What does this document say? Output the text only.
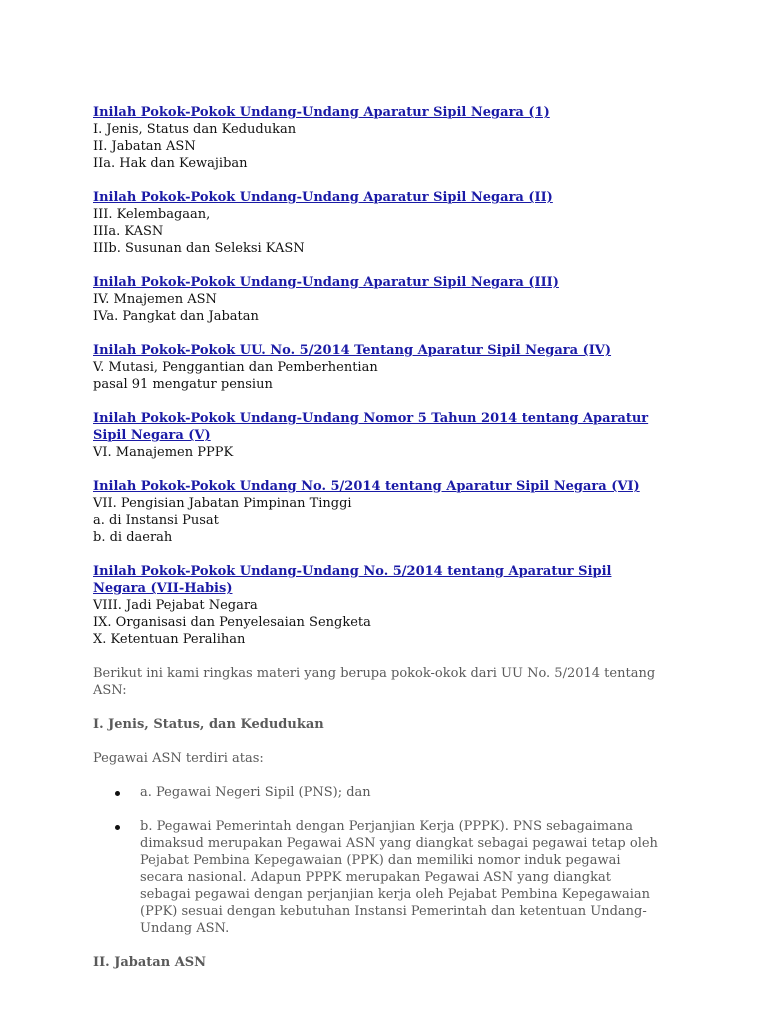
Inilah Pokok-Pokok Undang-Undang Aparatur Sipil Negara (1)
I. Jenis, Status dan Kedudukan
II. Jabatan ASN
IIa. Hak dan Kewajiban
Inilah Pokok-Pokok Undang-Undang Aparatur Sipil Negara (II)
III. Kelembagaan,
IIIa. KASN
IIIb. Susunan dan Seleksi KASN
Inilah Pokok-Pokok Undang-Undang Aparatur Sipil Negara (III)
IV. Mnajemen ASN
IVa. Pangkat dan Jabatan
Inilah Pokok-Pokok UU. No. 5/2014 Tentang Aparatur Sipil Negara (IV)
V. Mutasi, Penggantian dan Pemberhentian
pasal 91 mengatur pensiun
Inilah Pokok-Pokok Undang-Undang Nomor 5 Tahun 2014 tentang Aparatur Sipil Negara (V)
VI. Manajemen PPPK
Inilah Pokok-Pokok Undang No. 5/2014 tentang Aparatur Sipil Negara (VI)
VII. Pengisian Jabatan Pimpinan Tinggi
a. di Instansi Pusat
b. di daerah
Inilah Pokok-Pokok Undang-Undang No. 5/2014 tentang Aparatur Sipil Negara (VII-Habis)
VIII. Jadi Pejabat Negara
IX. Organisasi dan Penyelesaian Sengketa
X. Ketentuan Peralihan

Berikut ini kami ringkas materi yang berupa pokok-okok dari UU No. 5/2014 tentang ASN:

I. Jenis, Status, dan Kedudukan

Pegawai ASN terdiri atas:

a. Pegawai Negeri Sipil (PNS); dan
b. Pegawai Pemerintah dengan Perjanjian Kerja (PPPK). PNS sebagaimana dimaksud merupakan Pegawai ASN yang diangkat sebagai pegawai tetap oleh Pejabat Pembina Kepegawaian (PPK) dan memiliki nomor induk pegawai secara nasional. Adapun PPPK merupakan Pegawai ASN yang diangkat sebagai pegawai dengan perjanjian kerja oleh Pejabat Pembina Kepegawaian (PPK) sesuai dengan kebutuhan Instansi Pemerintah dan ketentuan Undang-Undang ASN.

II. Jabatan ASN
